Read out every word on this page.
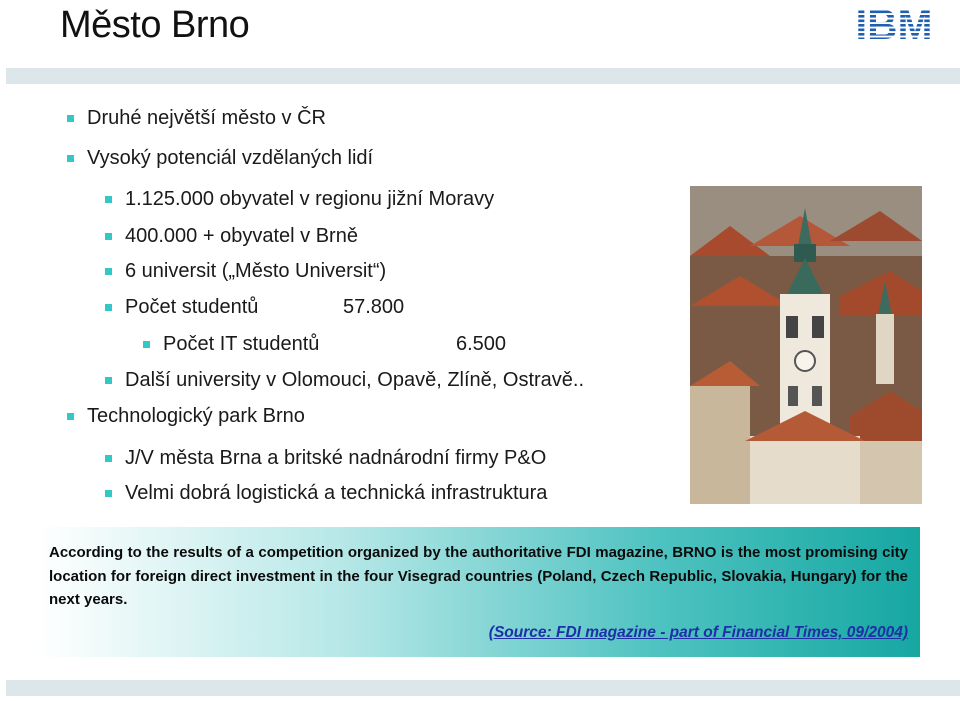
Město Brno	IBM
Druhé největší město v ČR
Vysoký potenciál vzdělaných lidí
1.125.000 obyvatel v regionu jižní Moravy
400.000 + obyvatel v Brně
6 universit („Město Universit“)
Počet studentů	57.800
Počet IT studentů	6.500
Další university v Olomouci, Opavě, Zlíně, Ostravě..
Technologický park Brno
J/V města Brna a britské nadnárodní firmy P&O
Velmi dobrá logistická a technická infrastruktura
According to the results of a competition organized by the authoritative FDI magazine, BRNO is the most promising city location for foreign direct investment in the four Visegrad countries (Poland, Czech Republic, Slovakia, Hungary) for the next years.
(Source: FDI magazine - part of Financial Times, 09/2004)
